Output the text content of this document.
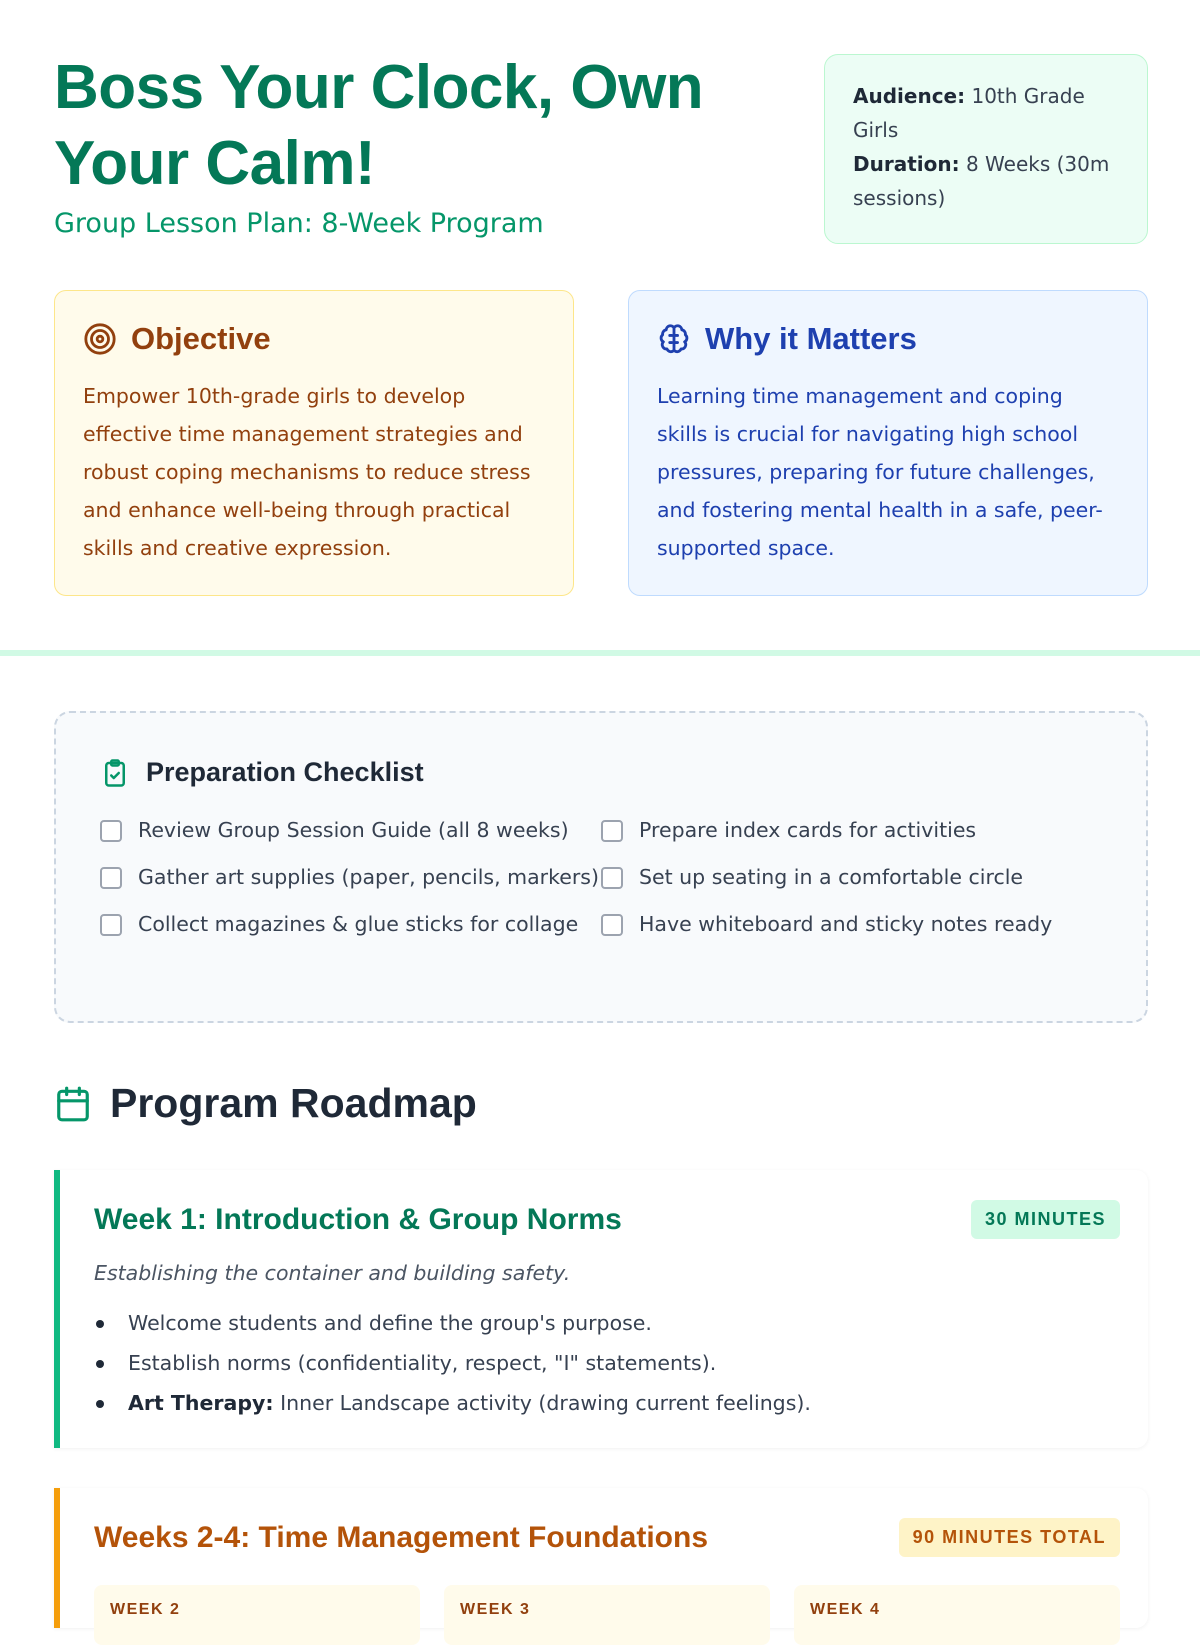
Boss Your Clock, Own Your Calm!
Group Lesson Plan: 8-Week Program
Audience: 10th Grade Girls
Duration: 8 Weeks (30m sessions)
Objective

Empower 10th-grade girls to develop effective time management strategies and robust coping mechanisms to reduce stress and enhance well-being through practical skills and creative expression.

Why it Matters

Learning time management and coping skills is crucial for navigating high school pressures, preparing for future challenges, and fostering mental health in a safe, peer-supported space.

Preparation Checklist
Review Group Session Guide (all 8 weeks)
Gather art supplies (paper, pencils, markers)
Collect magazines & glue sticks for collage
Prepare index cards for activities
Set up seating in a comfortable circle
Have whiteboard and sticky notes ready
Program Roadmap
Week 1: Introduction & Group Norms	30 MINUTES

Establishing the container and building safety.

Welcome students and define the group's purpose.
Establish norms (confidentiality, respect, "I" statements).
Art Therapy: Inner Landscape activity (drawing current feelings).
Weeks 2-4: Time Management Foundations	90 MINUTES TOTAL
WEEK 2	WEEK 3	WEEK 4
